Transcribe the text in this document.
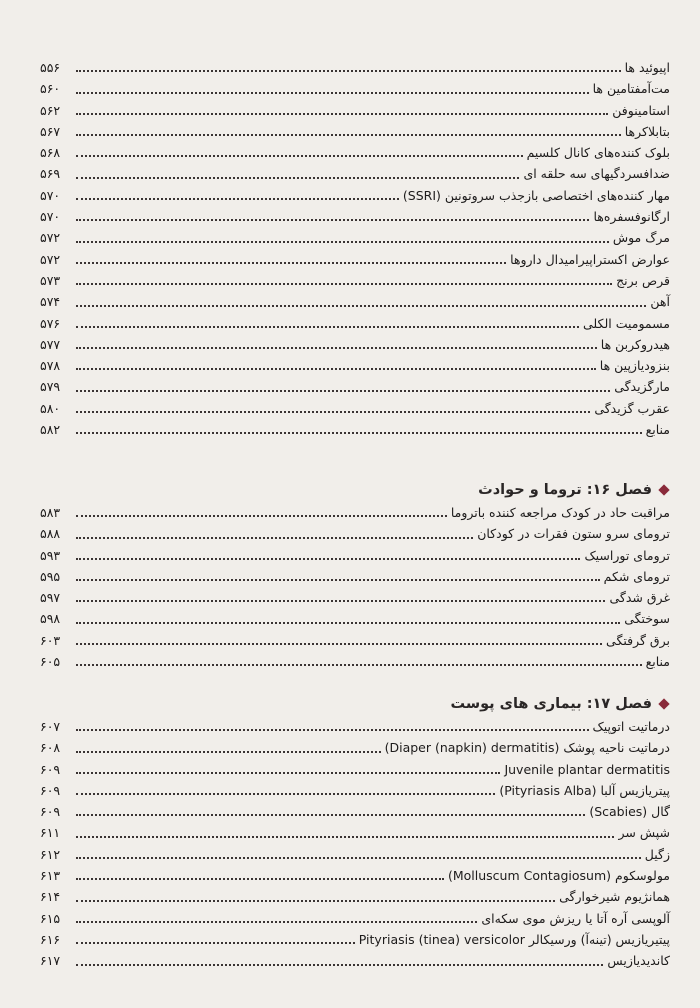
اپیوئید ها
۵۵۶
مت‌آمفتامین ها
۵۶۰
استامینوفن
۵۶۲
بتابلاکرها
۵۶۷
بلوک کننده‌های کانال کلسیم
۵۶۸
ضدافسردگیهای سه حلقه ای
۵۶۹
مهار کننده‌های اختصاصی بازجذب سروتونین (SSRI)
۵۷۰
ارگانوفسفره‌ها
۵۷۰
مرگ موش
۵۷۲
عوارض اکستراپیرامیدال داروها
۵۷۲
قرص برنج
۵۷۳
آهن
۵۷۴
مسمومیت الکلی
۵۷۶
هیدروکربن ها
۵۷۷
بنزودیازپین ها
۵۷۸
مارگزیدگی
۵۷۹
عقرب گزیدگی
۵۸۰
منابع
۵۸۲
فصل ۱۶: تروما و حوادث
مراقبت حاد در کودک مراجعه کننده باتروما
۵۸۳
ترومای سرو ستون فقرات در کودکان
۵۸۸
ترومای توراسیک
۵۹۳
ترومای شکم
۵۹۵
غرق شدگی
۵۹۷
سوختگی
۵۹۸
برق گرفتگی
۶۰۳
منابع
۶۰۵
فصل ۱۷: بیماری های پوست
درماتیت اتوپیک
۶۰۷
درماتیت ناحیه پوشک (Diaper (napkin) dermatitis)
۶۰۸
Juvenile plantar dermatitis
۶۰۹
پیتریازیس آلبا (Pityriasis Alba)
۶۰۹
گال (Scabies)
۶۰۹
شپش سر
۶۱۱
زگیل
۶۱۲
مولوسکوم (Molluscum Contagiosum)
۶۱۳
همانژیوم شیرخوارگی
۶۱۴
آلوپسی آره آتا یا ریزش موی سکه‌ای
۶۱۵
پیتیریازیس (تینه‌آ) ورسیکالر Pityriasis (tinea) versicolor
۶۱۶
کاندیدیازیس
۶۱۷
